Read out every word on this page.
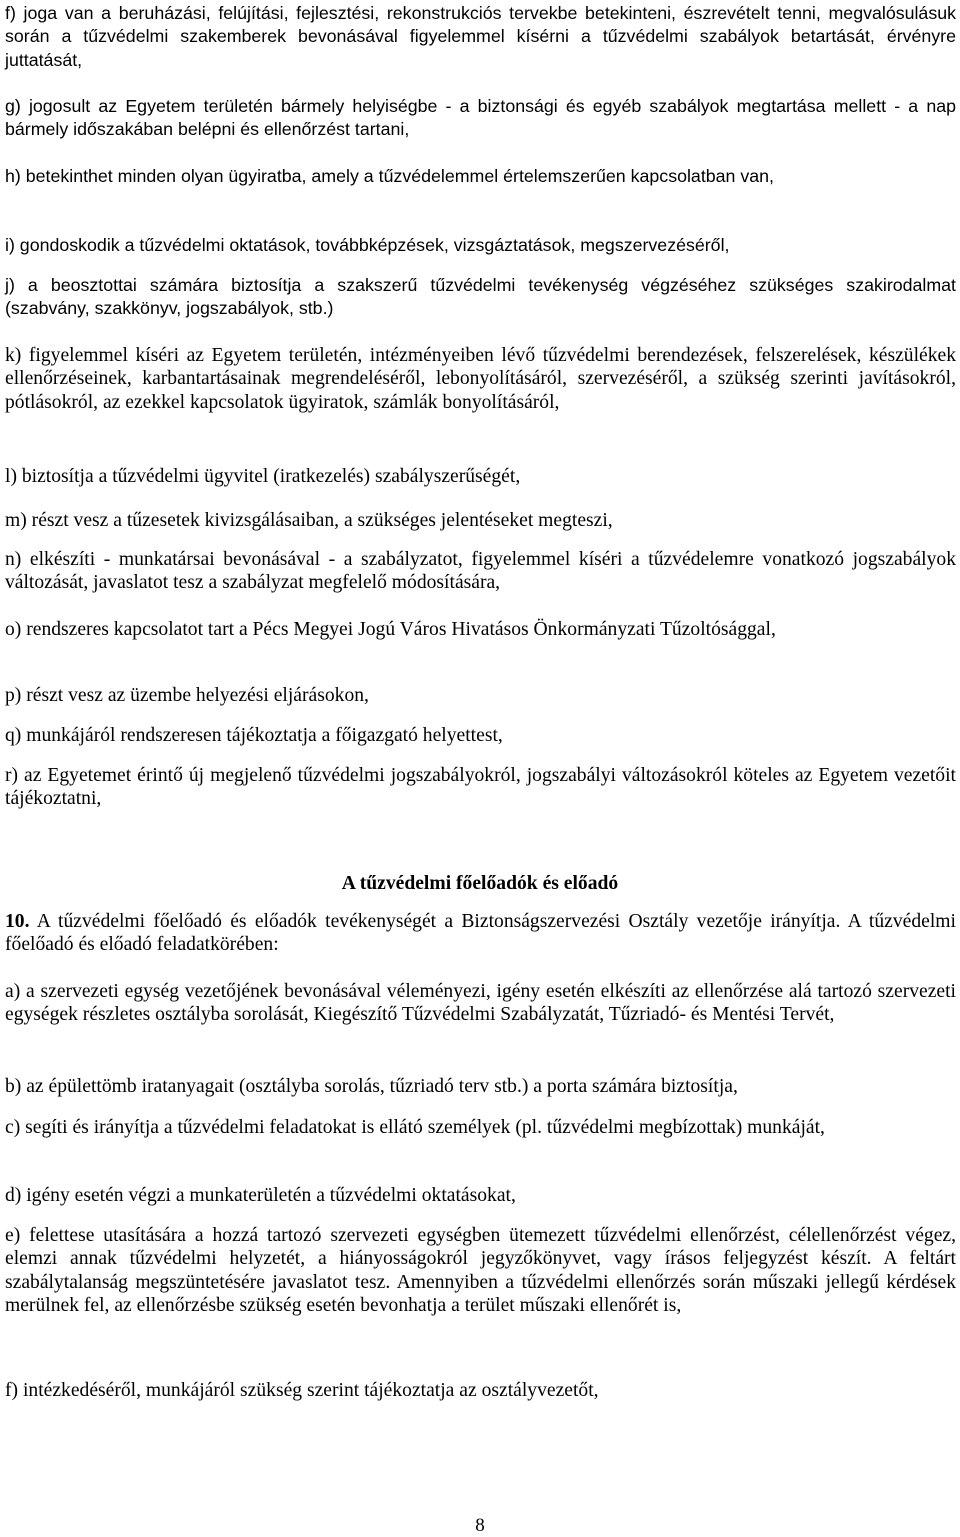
f) joga van a beruházási, felújítási, fejlesztési, rekonstrukciós tervekbe betekinteni, észrevételt tenni, megvalósulásuk során a tűzvédelmi szakemberek bevonásával figyelemmel kísérni a tűzvédelmi szabályok betartását, érvényre juttatását,

g) jogosult az Egyetem területén bármely helyiségbe - a biztonsági és egyéb szabályok megtartása mellett - a nap bármely időszakában belépni és ellenőrzést tartani,

h) betekinthet minden olyan ügyiratba, amely a tűzvédelemmel értelemszerűen kapcsolatban van,

i) gondoskodik a tűzvédelmi oktatások, továbbképzések, vizsgáztatások, megszervezéséről,

j) a beosztottai számára biztosítja a szakszerű tűzvédelmi tevékenység végzéséhez szükséges szakirodalmat (szabvány, szakkönyv, jogszabályok, stb.)

k) figyelemmel kíséri az Egyetem területén, intézményeiben lévő tűzvédelmi berendezések, felszerelések, készülékek ellenőrzéseinek, karbantartásainak megrendeléséről, lebonyolításáról, szervezéséről, a szükség szerinti javításokról, pótlásokról, az ezekkel kapcsolatok ügyiratok, számlák bonyolításáról,

l) biztosítja a tűzvédelmi ügyvitel (iratkezelés) szabályszerűségét,

m) részt vesz a tűzesetek kivizsgálásaiban, a szükséges jelentéseket megteszi,

n) elkészíti - munkatársai bevonásával - a szabályzatot, figyelemmel kíséri a tűzvédelemre vonatkozó jogszabályok változását, javaslatot tesz a szabályzat megfelelő módosítására,

o) rendszeres kapcsolatot tart a Pécs Megyei Jogú Város Hivatásos Önkormányzati Tűzoltósággal,

p) részt vesz az üzembe helyezési eljárásokon,

q) munkájáról rendszeresen tájékoztatja a főigazgató helyettest,

r) az Egyetemet érintő új megjelenő tűzvédelmi jogszabályokról, jogszabályi változásokról köteles az Egyetem vezetőit tájékoztatni,

A tűzvédelmi főelőadók és előadó

10. A tűzvédelmi főelőadó és előadók tevékenységét a Biztonságszervezési Osztály vezetője irányítja. A tűzvédelmi főelőadó és előadó feladatkörében:

a) a szervezeti egység vezetőjének bevonásával véleményezi, igény esetén elkészíti az ellenőrzése alá tartozó szervezeti egységek részletes osztályba sorolását, Kiegészítő Tűzvédelmi Szabályzatát, Tűzriadó- és Mentési Tervét,

b) az épülettömb iratanyagait (osztályba sorolás, tűzriadó terv stb.) a porta számára biztosítja,

c) segíti és irányítja a tűzvédelmi feladatokat is ellátó személyek (pl. tűzvédelmi megbízottak) munkáját,

d) igény esetén végzi a munkaterületén a tűzvédelmi oktatásokat,

e) felettese utasítására a hozzá tartozó szervezeti egységben ütemezett tűzvédelmi ellenőrzést, célellenőrzést végez, elemzi annak tűzvédelmi helyzetét, a hiányosságokról jegyzőkönyvet, vagy írásos feljegyzést készít. A feltárt szabálytalanság megszüntetésére javaslatot tesz. Amennyiben a tűzvédelmi ellenőrzés során műszaki jellegű kérdések merülnek fel, az ellenőrzésbe szükség esetén bevonhatja a terület műszaki ellenőrét is,

f) intézkedéséről, munkájáról szükség szerint tájékoztatja az osztályvezetőt,

8
